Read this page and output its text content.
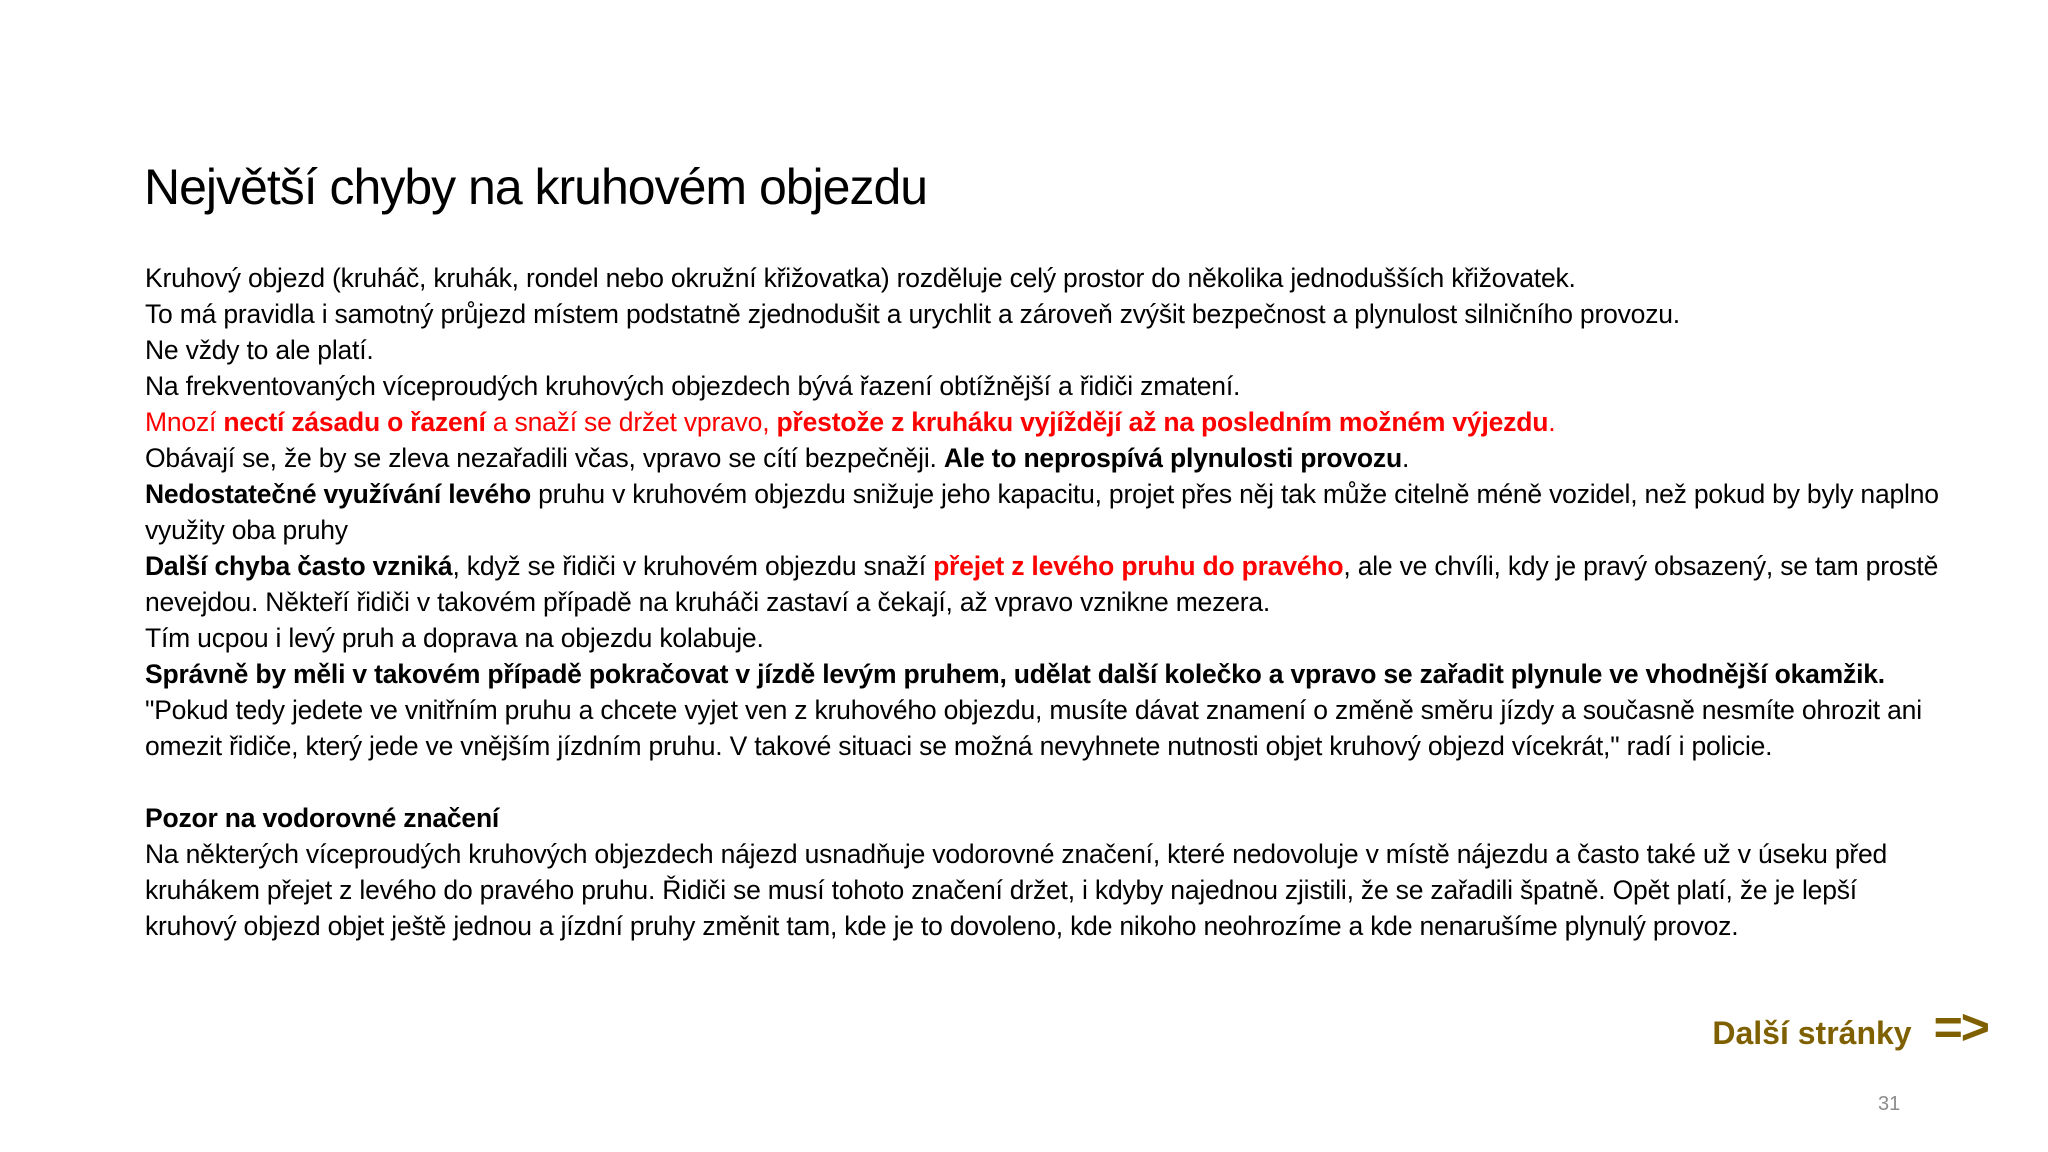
Největší chyby na kruhovém objezdu

Kruhový objezd (kruháč, kruhák, rondel nebo okružní křižovatka) rozděluje celý prostor do několika jednodušších křižovatek.

To má pravidla i samotný průjezd místem podstatně zjednodušit a urychlit a zároveň zvýšit bezpečnost a plynulost silničního provozu.

Ne vždy to ale platí.

Na frekventovaných víceproudých kruhových objezdech bývá řazení obtížnější a řidiči zmatení.

Mnozí nectí zásadu o řazení a snaží se držet vpravo, přestože z kruháku vyjíždějí až na posledním možném výjezdu.

Obávají se, že by se zleva nezařadili včas, vpravo se cítí bezpečněji. Ale to neprospívá plynulosti provozu.

Nedostatečné využívání levého pruhu v kruhovém objezdu snižuje jeho kapacitu, projet přes něj tak může citelně méně vozidel, než pokud by byly naplno využity oba pruhy

Další chyba často vzniká, když se řidiči v kruhovém objezdu snaží přejet z levého pruhu do pravého, ale ve chvíli, kdy je pravý obsazený, se tam prostě nevejdou. Někteří řidiči v takovém případě na kruháči zastaví a čekají, až vpravo vznikne mezera.

Tím ucpou i levý pruh a doprava na objezdu kolabuje.

Správně by měli v takovém případě pokračovat v jízdě levým pruhem, udělat další kolečko a vpravo se zařadit plynule ve vhodnější okamžik.

"Pokud tedy jedete ve vnitřním pruhu a chcete vyjet ven z kruhového objezdu, musíte dávat znamení o změně směru jízdy a současně nesmíte ohrozit ani omezit řidiče, který jede ve vnějším jízdním pruhu. V takové situaci se možná nevyhnete nutnosti objet kruhový objezd vícekrát," radí i policie.

Pozor na vodorovné značení

Na některých víceproudých kruhových objezdech nájezd usnadňuje vodorovné značení, které nedovoluje v místě nájezdu a často také už v úseku před kruhákem přejet z levého do pravého pruhu. Řidiči se musí tohoto značení držet, i kdyby najednou zjistili, že se zařadili špatně. Opět platí, že je lepší kruhový objezd objet ještě jednou a jízdní pruhy změnit tam, kde je to dovoleno, kde nikoho neohrozíme a kde nenarušíme plynulý provoz.

Další stránky =>
31
